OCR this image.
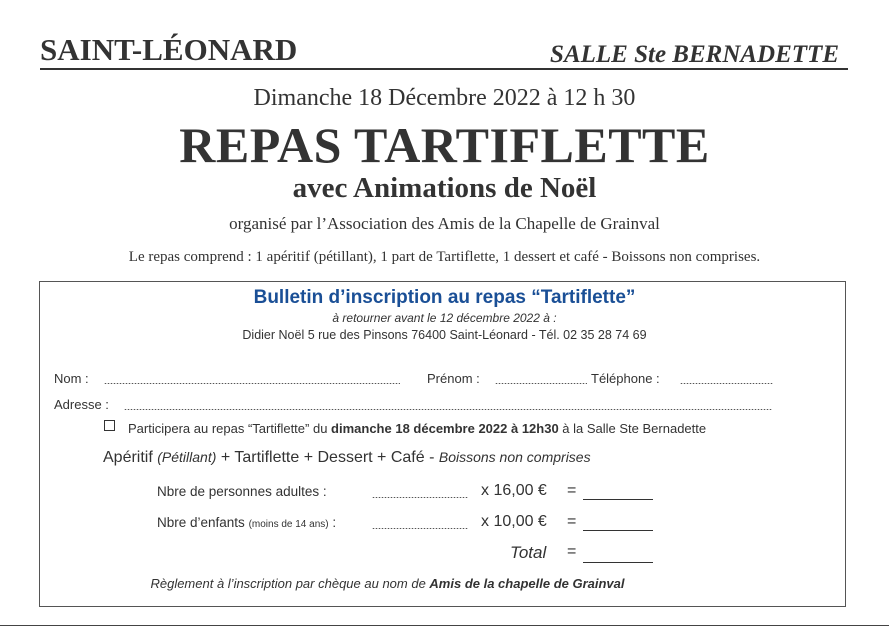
SAINT-LÉONARD	SALLE Ste BERNADETTE
Dimanche 18 Décembre 2022 à 12 h 30
REPAS TARTIFLETTE
avec Animations de Noël
organisé par l’Association des Amis de la Chapelle de Grainval
Le repas comprend : 1 apéritif (pétillant), 1 part de Tartiflette, 1 dessert et café - Boissons non comprises.
Bulletin d’inscription au repas “Tartiflette”
à retourner avant le 12 décembre 2022 à :
Didier Noël 5 rue des Pinsons 76400 Saint-Léonard - Tél. 02 35 28 74 69
Nom :	Prénom :	Téléphone :
Adresse :
Participera au repas “Tartiflette” du dimanche 18 décembre 2022 à 12h30 à la Salle Ste Bernadette
Apéritif (Pétillant) + Tartiflette + Dessert + Café - Boissons non comprises
Nbre de personnes adultes :	x 16,00 € =
Nbre d’enfants (moins de 14 ans) :	x 10,00 € =
Total =
Règlement à l’inscription par chèque au nom de Amis de la chapelle de Grainval
